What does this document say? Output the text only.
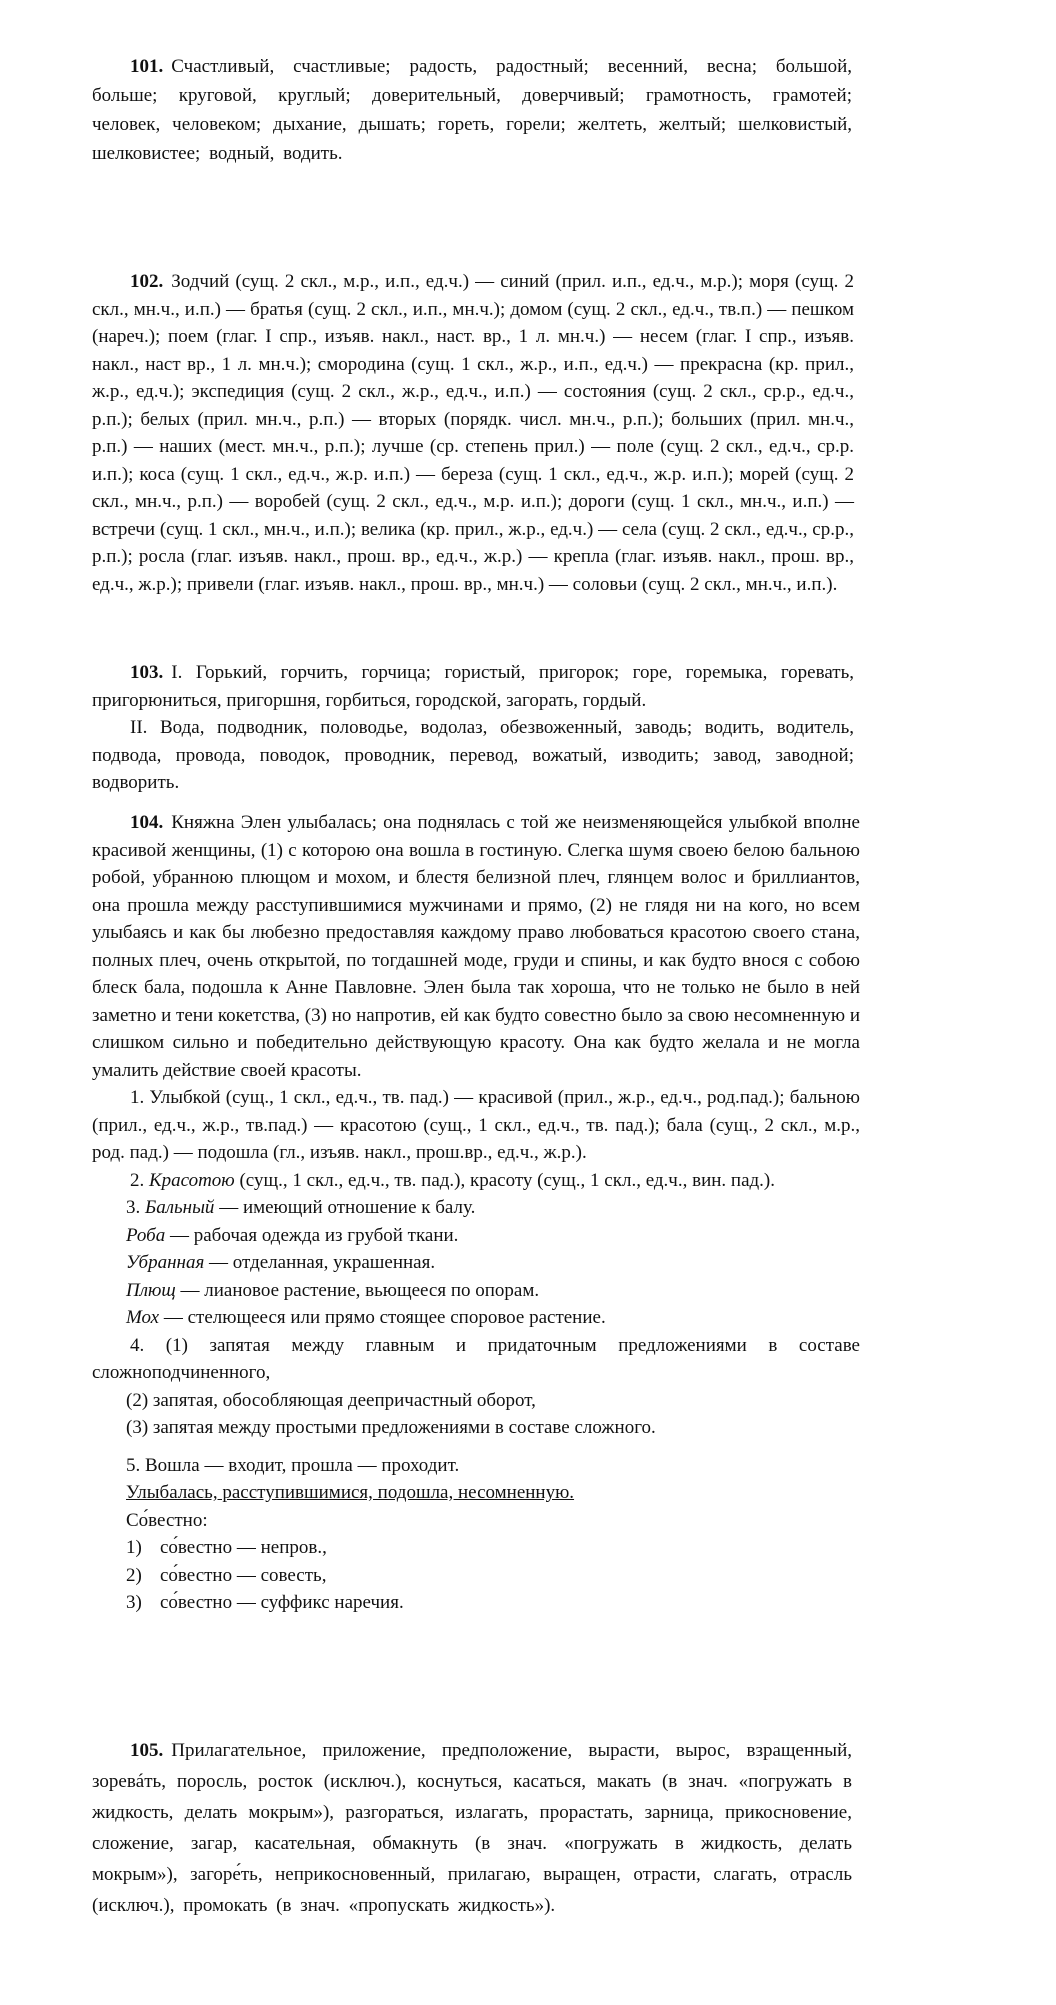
101. Счастливый, счастливые; радость, радостный; весенний, весна; большой, больше; круговой, круглый; доверительный, доверчивый; грамотность, грамотей; человек, человеком; дыхание, дышать; гореть, горели; желтеть, желтый; шелковистый, шелковистее; водный, водить.

102. Зодчий (сущ. 2 скл., м.р., и.п., ед.ч.) — синий (прил. и.п., ед.ч., м.р.); моря (сущ. 2 скл., мн.ч., и.п.) — братья (сущ. 2 скл., и.п., мн.ч.); домом (сущ. 2 скл., ед.ч., тв.п.) — пешком (нареч.); поем (глаг. I спр., изъяв. накл., наст. вр., 1 л. мн.ч.) — несем (глаг. I спр., изъяв. накл., наст вр., 1 л. мн.ч.); смородина (сущ. 1 скл., ж.р., и.п., ед.ч.) — прекрасна (кр. прил., ж.р., ед.ч.); экспедиция (сущ. 2 скл., ж.р., ед.ч., и.п.) — состояния (сущ. 2 скл., ср.р., ед.ч., р.п.); белых (прил. мн.ч., р.п.) — вторых (порядк. числ. мн.ч., р.п.); больших (прил. мн.ч., р.п.) — наших (мест. мн.ч., р.п.); лучше (ср. степень прил.) — поле (сущ. 2 скл., ед.ч., ср.р. и.п.); коса (сущ. 1 скл., ед.ч., ж.р. и.п.) — береза (сущ. 1 скл., ед.ч., ж.р. и.п.); морей (сущ. 2 скл., мн.ч., р.п.) — воробей (сущ. 2 скл., ед.ч., м.р. и.п.); дороги (сущ. 1 скл., мн.ч., и.п.) — встречи (сущ. 1 скл., мн.ч., и.п.); велика (кр. прил., ж.р., ед.ч.) — села (сущ. 2 скл., ед.ч., ср.р., р.п.); росла (глаг. изъяв. накл., прош. вр., ед.ч., ж.р.) — крепла (глаг. изъяв. накл., прош. вр., ед.ч., ж.р.); привели (глаг. изъяв. накл., прош. вр., мн.ч.) — соловьи (сущ. 2 скл., мн.ч., и.п.).

103. I. Горький, горчить, горчица; гористый, пригорок; горе, горемыка, горевать, пригорюниться, пригоршня, горбиться, городской, загорать, гордый.

II. Вода, подводник, половодье, водолаз, обезвоженный, заводь; водить, водитель, подвода, провода, поводок, проводник, перевод, вожатый, изводить; завод, заводной; водворить.

104. Княжна Элен улыбалась; она поднялась с той же неизменяющейся улыбкой вполне красивой женщины, (1) с которою она вошла в гостиную. Слегка шумя своею белою бальною робой, убранною плющом и мохом, и блестя белизной плеч, глянцем волос и бриллиантов, она прошла между расступившимися мужчинами и прямо, (2) не глядя ни на кого, но всем улыбаясь и как бы любезно предоставляя каждому право любоваться красотою своего стана, полных плеч, очень открытой, по тогдашней моде, груди и спины, и как будто внося с собою блеск бала, подошла к Анне Павловне. Элен была так хороша, что не только не было в ней заметно и тени кокетства, (3) но напротив, ей как будто совестно было за свою несомненную и слишком сильно и победительно действующую красоту. Она как будто желала и не могла умалить действие своей красоты.

1. Улыбкой (сущ., 1 скл., ед.ч., тв. пад.) — красивой (прил., ж.р., ед.ч., род.пад.); бальною (прил., ед.ч., ж.р., тв.пад.) — красотою (сущ., 1 скл., ед.ч., тв. пад.); бала (сущ., 2 скл., м.р., род. пад.) — подошла (гл., изъяв. накл., прош.вр., ед.ч., ж.р.).

2. Красотою (сущ., 1 скл., ед.ч., тв. пад.), красоту (сущ., 1 скл., ед.ч., вин. пад.).

3. Бальный — имеющий отношение к балу.

Роба — рабочая одежда из грубой ткани.

Убранная — отделанная, украшенная.

Плющ — лиановое растение, вьющееся по опорам.

Мох — стелющееся или прямо стоящее споровое растение.

4. (1) запятая между главным и придаточным предложениями в составе сложноподчиненного,

(2) запятая, обособляющая деепричастный оборот,

(3) запятая между простыми предложениями в составе сложного.

5. Вошла — входит, прошла — проходит.

Улыбалась, расступившимися, подошла, несомненную.

Со́вестно:

1) со́вестно — непров.,

2) со́вестно — совесть,

3) со́вестно — суффикс наречия.

105. Прилагательное, приложение, предположение, вырасти, вырос, взращенный, зоревáть, поросль, росток (исключ.), коснуться, касаться, макать (в знач. «погружать в жидкость, делать мокрым»), разгораться, излагать, прорастать, зарница, прикосновение, сложение, загар, касательная, обмакнуть (в знач. «погружать в жидкость, делать мокрым»), загоре́ть, неприкосновенный, прилагаю, выращен, отрасти, слагать, отрасль (исключ.), промокать (в знач. «пропускать жидкость»).
